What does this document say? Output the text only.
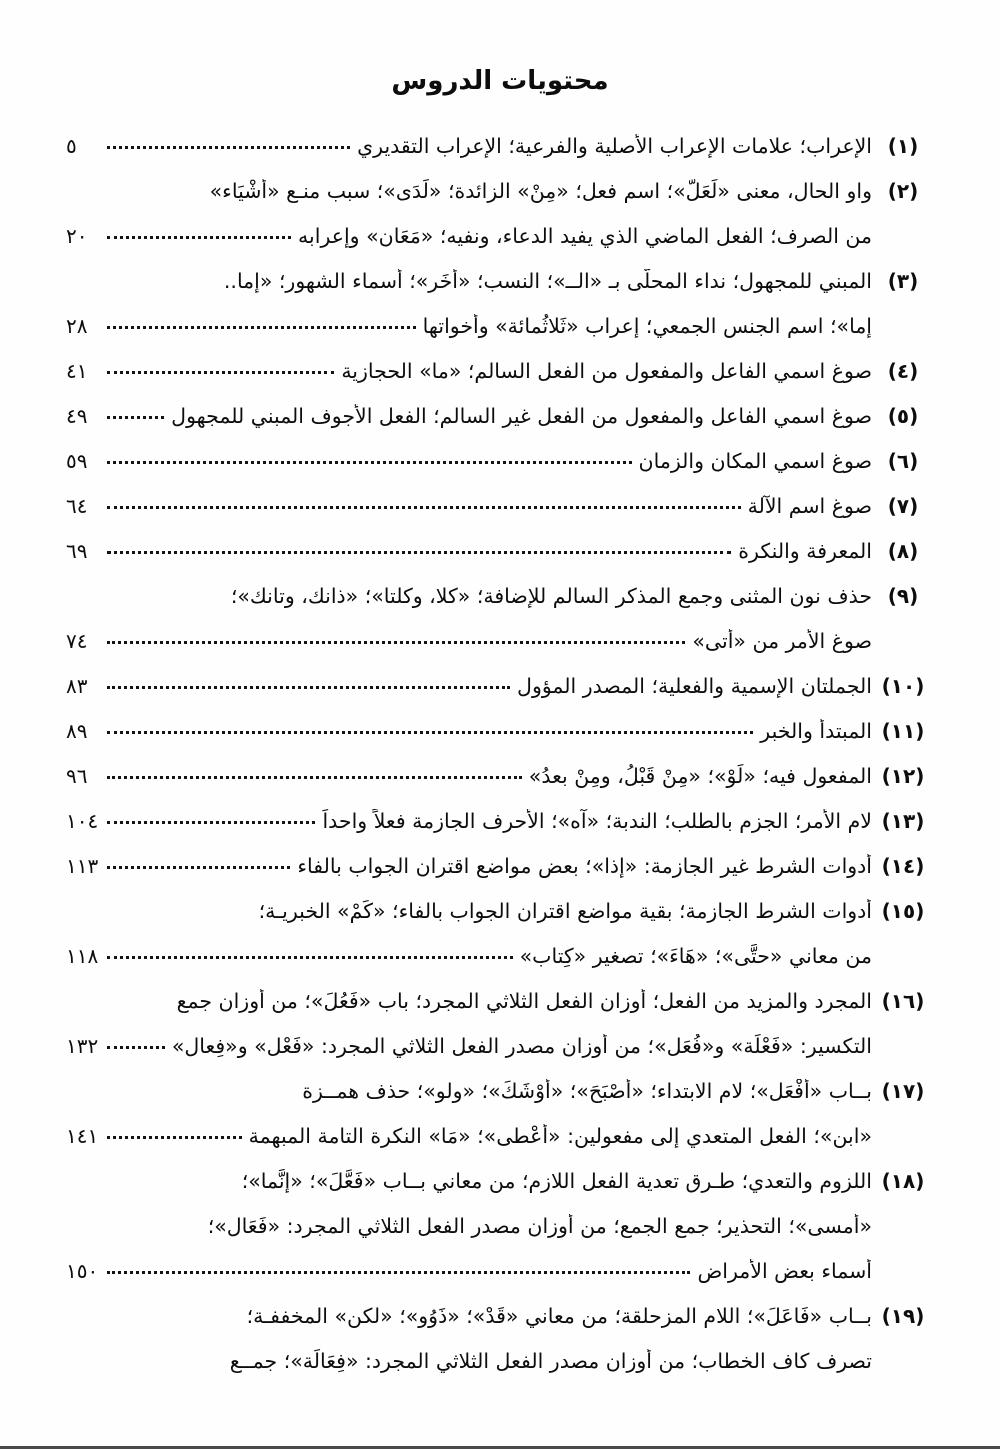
محتويات الدروس
(١)
الإعراب؛ علامات الإعراب الأصلية والفرعية؛ الإعراب التقديري
٥
(٢)
واو الحال، معنى «لَعَلَّ»؛ اسم فعل؛ «مِنْ» الزائدة؛ «لَدَى»؛ سبب منـع «أُشْيَاء»
من الصرف؛ الفعل الماضي الذي يفيد الدعاء، ونفيه؛ «مَعَان» وإعرابه
٢٠
(٣)
المبني للمجهول؛ نداء المحلَّى بـ «الــ»؛ النسب؛ «أُخَر»؛ أسماء الشهور؛ «إما..
إما»؛ اسم الجنس الجمعي؛ إعراب «ثَلاثُمائة» وأخواتها
٢٨
(٤)
صوغ اسمي الفاعل والمفعول من الفعل السالم؛ «ما» الحجازية
٤١
(٥)
صوغ اسمي الفاعل والمفعول من الفعل غير السالم؛ الفعل الأجوف المبني للمجهول
٤٩
(٦)
صوغ اسمي المكان والزمان
٥٩
(٧)
صوغ اسم الآلة
٦٤
(٨)
المعرفة والنكرة
٦٩
(٩)
حذف نون المثنى وجمع المذكر السالم للإضافة؛ «كلا، وكلتا»؛ «ذانك، وتانك»؛
صوغ الأمر من «أتى»
٧٤
(١٠)
الجملتان الإسمية والفعلية؛ المصدر المؤول
٨٣
(١١)
المبتدأ والخبر
٨٩
(١٢)
المفعول فيه؛ «لَوْ»؛ «مِنْ قَبْلُ، ومِنْ بعدُ»
٩٦
(١٣)
لام الأمر؛ الجزم بالطلب؛ الندبة؛ «آه»؛ الأحرف الجازمة فعلاً واحداً
١٠٤
(١٤)
أدوات الشرط غير الجازمة: «إذا»؛ بعض مواضع اقتران الجواب بالفاء
١١٣
(١٥)
أدوات الشرط الجازمة؛ بقية مواضع اقتران الجواب بالفاء؛ «كَمْ» الخبريـة؛
من معاني «حتَّى»؛ «هَاءَ»؛ تصغير «كِتاب»
١١٨
(١٦)
المجرد والمزيد من الفعل؛ أوزان الفعل الثلاثي المجرد؛ باب «فَعُلَ»؛ من أوزان جمع
التكسير: «فَعْلَة» و«فُعَل»؛ من أوزان مصدر الفعل الثلاثي المجرد: «فَعْل» و«فِعال»
١٣٢
(١٧)
بــاب «أفْعَل»؛ لام الابتداء؛ «أصْبَحَ»؛ «أوْشَكَ»؛ «ولو»؛ حذف همــزة
«ابن»؛ الفعل المتعدي إلى مفعولين: «أعْطى»؛ «مَا» النكرة التامة المبهمة
١٤١
(١٨)
اللزوم والتعدي؛ طـرق تعدية الفعل اللازم؛ من معاني بــاب «فَعَّلَ»؛ «إنَّما»؛
«أمسى»؛ التحذير؛ جمع الجمع؛ من أوزان مصدر الفعل الثلاثي المجرد: «فَعَال»؛
أسماء بعض الأمراض
١٥٠
(١٩)
بــاب «فَاعَلَ»؛ اللام المزحلقة؛ من معاني «قَدْ»؛ «ذَوُو»؛ «لكن» المخففـة؛
تصرف كاف الخطاب؛ من أوزان مصدر الفعل الثلاثي المجرد: «فِعَالَة»؛ جمــع
